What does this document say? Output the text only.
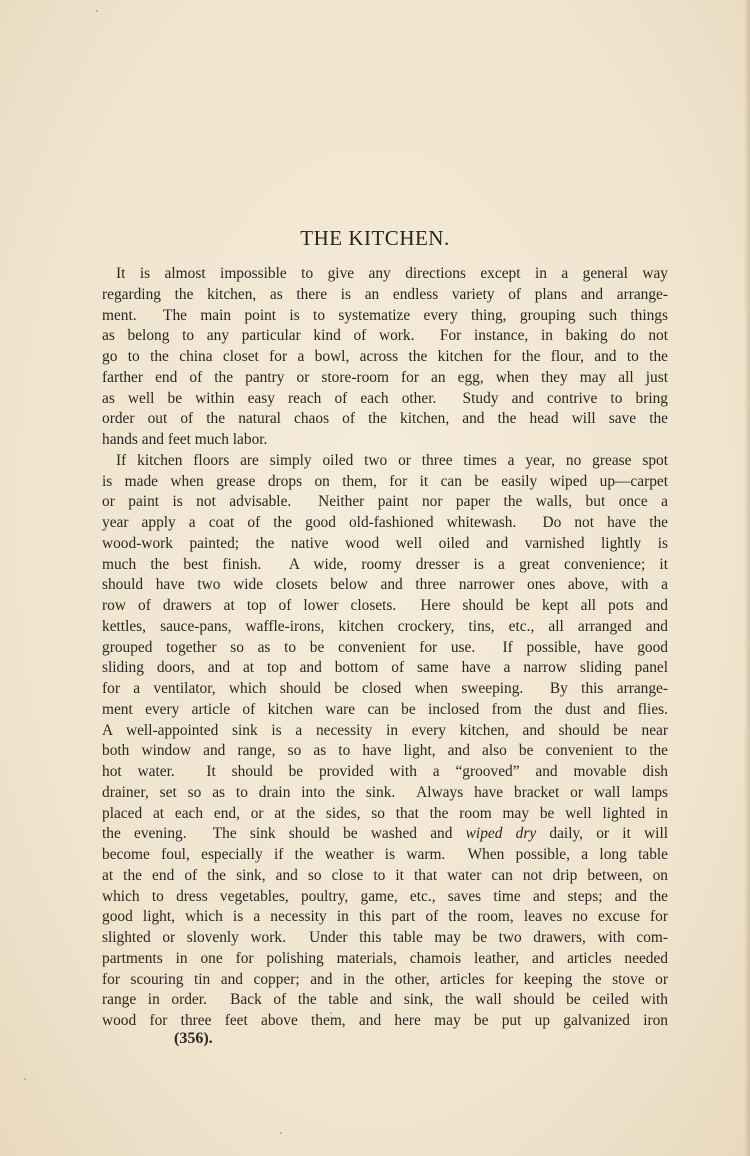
THE KITCHEN.
It is almost impossible to give any directions except in a general way
regarding the kitchen, as there is an endless variety of plans and arrange-
ment.  The main point is to systematize every thing, grouping such things
as belong to any particular kind of work.  For instance, in baking do not
go to the china closet for a bowl, across the kitchen for the flour, and to the
farther end of the pantry or store-room for an egg, when they may all just
as well be within easy reach of each other.  Study and contrive to bring
order out of the natural chaos of the kitchen, and the head will save the
hands and feet much labor.
If kitchen floors are simply oiled two or three times a year, no grease spot
is made when grease drops on them, for it can be easily wiped up—carpet
or paint is not advisable.  Neither paint nor paper the walls, but once a
year apply a coat of the good old-fashioned whitewash.  Do not have the
wood-work painted; the native wood well oiled and varnished lightly is
much the best finish.  A wide, roomy dresser is a great convenience; it
should have two wide closets below and three narrower ones above, with a
row of drawers at top of lower closets.  Here should be kept all pots and
kettles, sauce-pans, waffle-irons, kitchen crockery, tins, etc., all arranged and
grouped together so as to be convenient for use.  If possible, have good
sliding doors, and at top and bottom of same have a narrow sliding panel
for a ventilator, which should be closed when sweeping.  By this arrange-
ment every article of kitchen ware can be inclosed from the dust and flies.
A well-appointed sink is a necessity in every kitchen, and should be near
both window and range, so as to have light, and also be convenient to the
hot water.  It should be provided with a “grooved” and movable dish
drainer, set so as to drain into the sink.  Always have bracket or wall lamps
placed at each end, or at the sides, so that the room may be well lighted in
the evening.  The sink should be washed and wiped dry daily, or it will
become foul, especially if the weather is warm.  When possible, a long table
at the end of the sink, and so close to it that water can not drip between, on
which to dress vegetables, poultry, game, etc., saves time and steps; and the
good light, which is a necessity in this part of the room, leaves no excuse for
slighted or slovenly work.  Under this table may be two drawers, with com-
partments in one for polishing materials, chamois leather, and articles needed
for scouring tin and copper; and in the other, articles for keeping the stove or
range in order.  Back of the table and sink, the wall should be ceiled with
wood for three feet above them, and here may be put up galvanized iron
(356).
